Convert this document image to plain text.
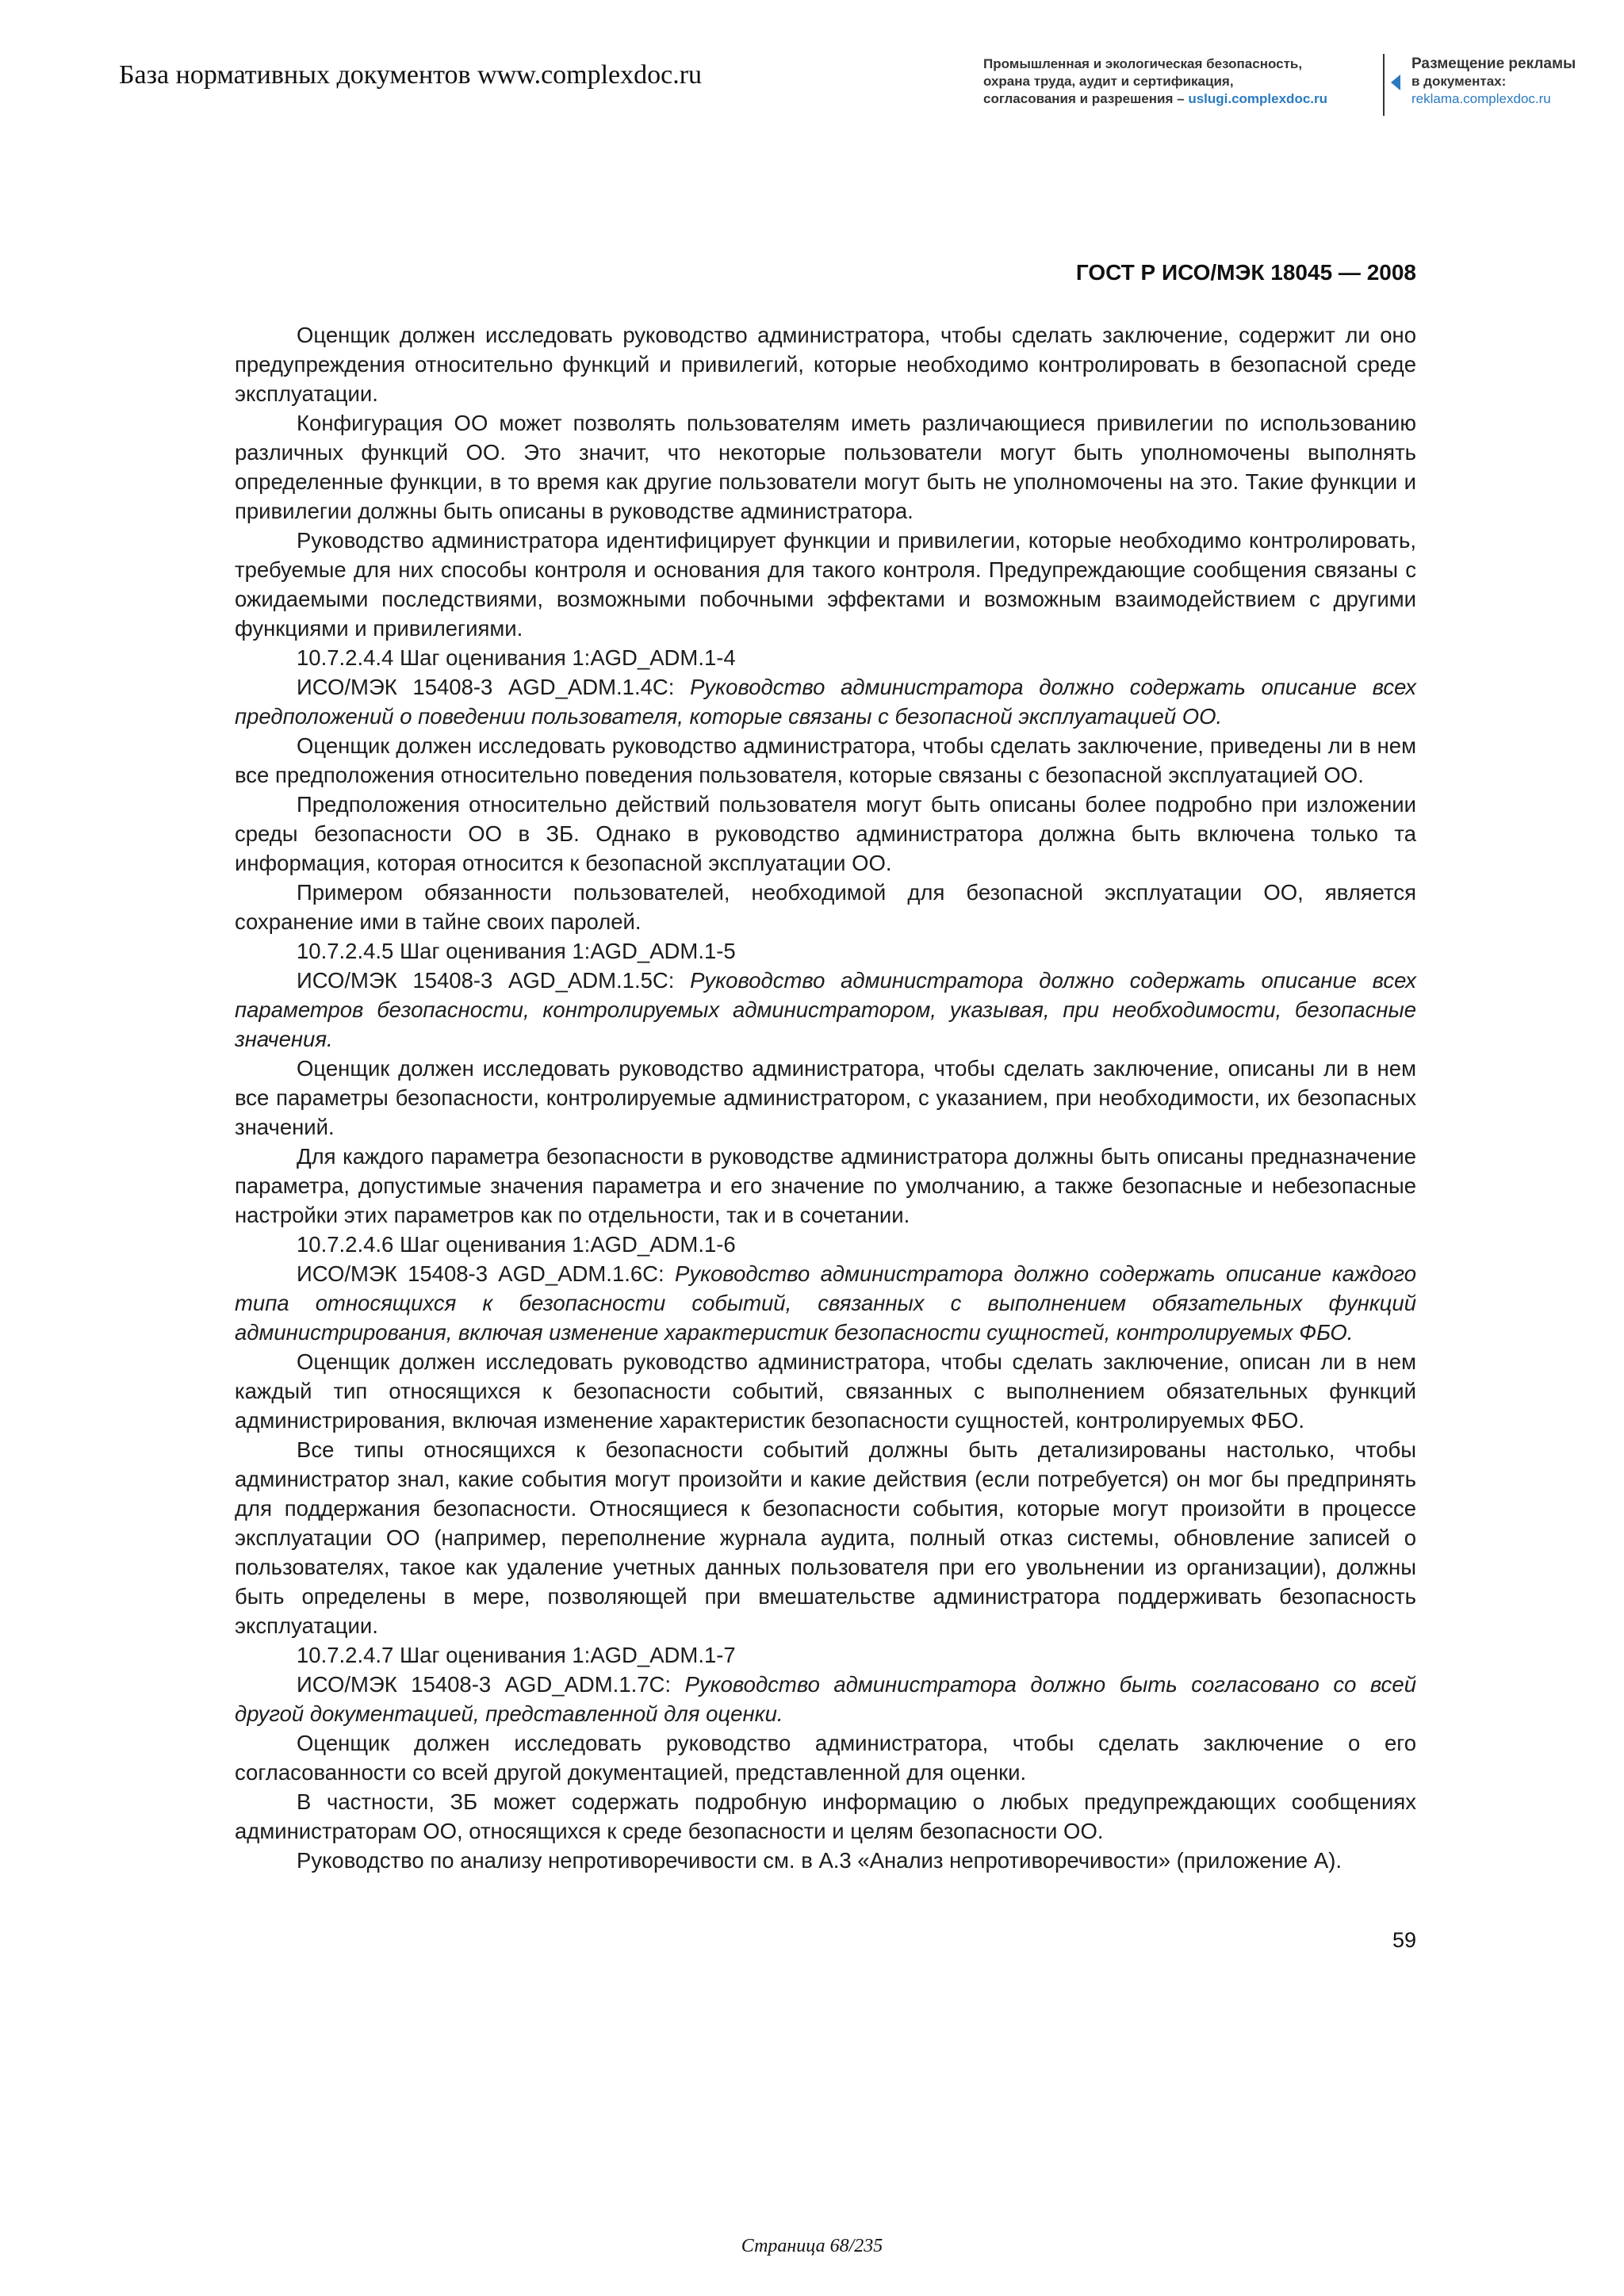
База нормативных документов www.complexdoc.ru	Промышленная и экологическая безопасность,
охрана труда, аудит и сертификация,
согласования и разрешения – uslugi.complexdoc.ru
Размещение рекламы
в документах:
reklama.complexdoc.ru
ГОСТ Р ИСО/МЭК 18045 — 2008

Оценщик должен исследовать руководство администратора, чтобы сделать заключение, содержит ли оно предупреждения относительно функций и привилегий, которые необходимо контролировать в безопасной среде эксплуатации.

Конфигурация ОО может позволять пользователям иметь различающиеся привилегии по использованию различных функций ОО. Это значит, что некоторые пользователи могут быть уполномочены выполнять определенные функции, в то время как другие пользователи могут быть не уполномочены на это. Такие функции и привилегии должны быть описаны в руководстве администратора.

Руководство администратора идентифицирует функции и привилегии, которые необходимо контролировать, требуемые для них способы контроля и основания для такого контроля. Предупреждающие сообщения связаны с ожидаемыми последствиями, возможными побочными эффектами и возможным взаимодействием с другими функциями и привилегиями.

10.7.2.4.4 Шаг оценивания 1:AGD_ADM.1-4

ИСО/МЭК 15408-3 AGD_ADM.1.4C: Руководство администратора должно содержать описание всех предположений о поведении пользователя, которые связаны с безопасной эксплуатацией ОО.

Оценщик должен исследовать руководство администратора, чтобы сделать заключение, приведены ли в нем все предположения относительно поведения пользователя, которые связаны с безопасной эксплуатацией ОО.

Предположения относительно действий пользователя могут быть описаны более подробно при изложении среды безопасности ОО в ЗБ. Однако в руководство администратора должна быть включена только та информация, которая относится к безопасной эксплуатации ОО.

Примером обязанности пользователей, необходимой для безопасной эксплуатации ОО, является сохранение ими в тайне своих паролей.

10.7.2.4.5 Шаг оценивания 1:AGD_ADM.1-5

ИСО/МЭК 15408-3 AGD_ADM.1.5C: Руководство администратора должно содержать описание всех параметров безопасности, контролируемых администратором, указывая, при необходимости, безопасные значения.

Оценщик должен исследовать руководство администратора, чтобы сделать заключение, описаны ли в нем все параметры безопасности, контролируемые администратором, с указанием, при необходимости, их безопасных значений.

Для каждого параметра безопасности в руководстве администратора должны быть описаны предназначение параметра, допустимые значения параметра и его значение по умолчанию, а также безопасные и небезопасные настройки этих параметров как по отдельности, так и в сочетании.

10.7.2.4.6 Шаг оценивания 1:AGD_ADM.1-6

ИСО/МЭК 15408-3 AGD_ADM.1.6C: Руководство администратора должно содержать описание каждого типа относящихся к безопасности событий, связанных с выполнением обязательных функций администрирования, включая изменение характеристик безопасности сущностей, контролируемых ФБО.

Оценщик должен исследовать руководство администратора, чтобы сделать заключение, описан ли в нем каждый тип относящихся к безопасности событий, связанных с выполнением обязательных функций администрирования, включая изменение характеристик безопасности сущностей, контролируемых ФБО.

Все типы относящихся к безопасности событий должны быть детализированы настолько, чтобы администратор знал, какие события могут произойти и какие действия (если потребуется) он мог бы предпринять для поддержания безопасности. Относящиеся к безопасности события, которые могут произойти в процессе эксплуатации ОО (например, переполнение журнала аудита, полный отказ системы, обновление записей о пользователях, такое как удаление учетных данных пользователя при его увольнении из организации), должны быть определены в мере, позволяющей при вмешательстве администратора поддерживать безопасность эксплуатации.

10.7.2.4.7 Шаг оценивания 1:AGD_ADM.1-7

ИСО/МЭК 15408-3 AGD_ADM.1.7C: Руководство администратора должно быть согласовано со всей другой документацией, представленной для оценки.

Оценщик должен исследовать руководство администратора, чтобы сделать заключение о его согласованности со всей другой документацией, представленной для оценки.

В частности, ЗБ может содержать подробную информацию о любых предупреждающих сообщениях администраторам ОО, относящихся к среде безопасности и целям безопасности ОО.

Руководство по анализу непротиворечивости см. в А.3 «Анализ непротиворечивости» (приложение А).

59
Страница 68/235
